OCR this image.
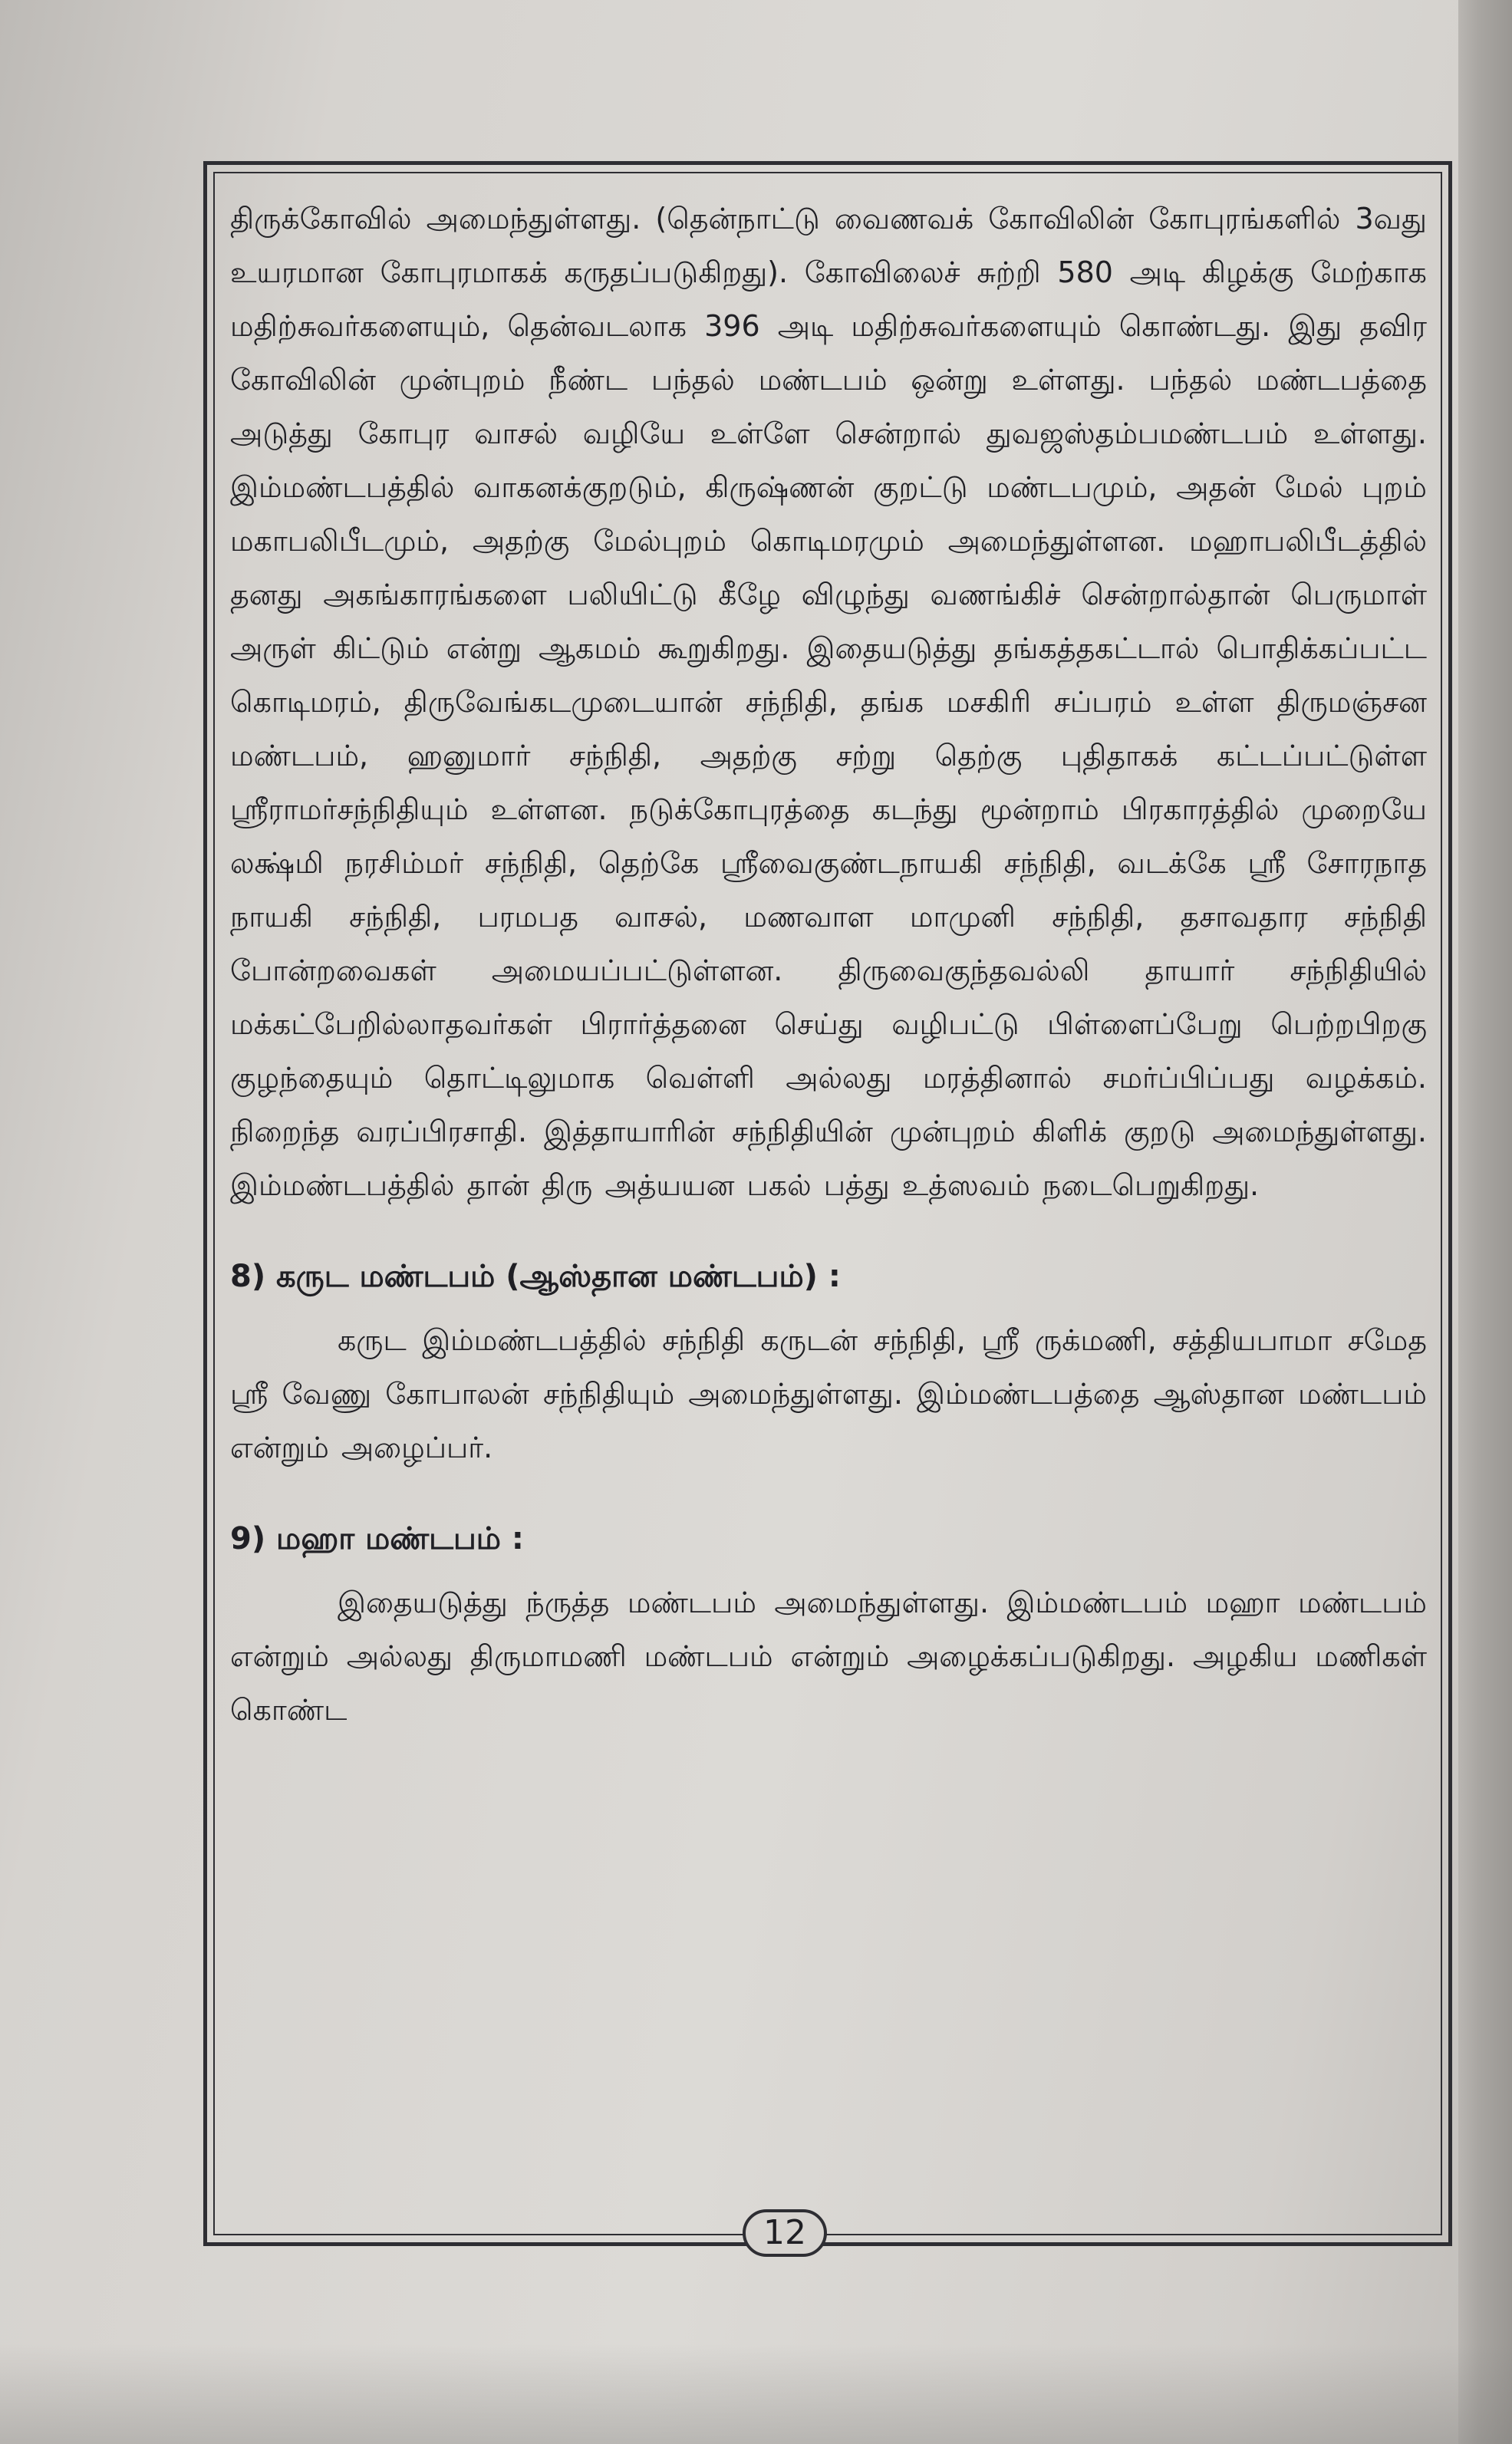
திருக்கோவில் அமைந்துள்ளது. (தென்நாட்டு வைணவக் கோவிலின் கோபுரங்களில் 3வது உயரமான கோபுரமாகக் கருதப்படுகிறது). கோவிலைச் சுற்றி 580 அடி கிழக்கு மேற்காக மதிற்சுவர்களையும், தென்வடலாக 396 அடி மதிற்சுவர்களையும் கொண்டது. இது தவிர கோவிலின் முன்புறம் நீண்ட பந்தல் மண்டபம் ஒன்று உள்ளது. பந்தல் மண்டபத்தை அடுத்து கோபுர வாசல் வழியே உள்ளே சென்றால் துவஜஸ்தம்பமண்டபம் உள்ளது. இம்மண்டபத்தில் வாகனக்குறடும், கிருஷ்ணன் குறட்டு மண்டபமும், அதன் மேல் புறம் மகாபலிபீடமும், அதற்கு மேல்புறம் கொடிமரமும் அமைந்துள்ளன. மஹாபலிபீடத்தில் தனது அகங்காரங்களை பலியிட்டு கீழே விழுந்து வணங்கிச் சென்றால்தான் பெருமாள் அருள் கிட்டும் என்று ஆகமம் கூறுகிறது. இதையடுத்து தங்கத்தகட்டால் பொதிக்கப்பட்ட கொடிமரம், திருவேங்கடமுடையான் சந்நிதி, தங்க மசகிரி சப்பரம் உள்ள திருமஞ்சன மண்டபம், ஹனுமார் சந்நிதி, அதற்கு சற்று தெற்கு புதிதாகக் கட்டப்பட்டுள்ள ஸ்ரீராமர்சந்நிதியும் உள்ளன. நடுக்கோபுரத்தை கடந்து மூன்றாம் பிரகாரத்தில் முறையே லக்ஷ்மி நரசிம்மர் சந்நிதி, தெற்கே ஸ்ரீவைகுண்டநாயகி சந்நிதி, வடக்கே ஸ்ரீ சோரநாத நாயகி சந்நிதி, பரமபத வாசல், மணவாள மாமுனி சந்நிதி, தசாவதார சந்நிதி போன்றவைகள் அமையப்பட்டுள்ளன. திருவைகுந்தவல்லி தாயார் சந்நிதியில் மக்கட்பேறில்லாதவர்கள் பிரார்த்தனை செய்து வழிபட்டு பிள்ளைப்பேறு பெற்றபிறகு குழந்தையும் தொட்டிலுமாக வெள்ளி அல்லது மரத்தினால் சமர்ப்பிப்பது வழக்கம். நிறைந்த வரப்பிரசாதி. இத்தாயாரின் சந்நிதியின் முன்புறம் கிளிக் குறடு அமைந்துள்ளது. இம்மண்டபத்தில் தான் திரு அத்யயன பகல் பத்து உத்ஸவம் நடைபெறுகிறது.

8) கருட மண்டபம் (ஆஸ்தான மண்டபம்) :

கருட இம்மண்டபத்தில் சந்நிதி கருடன் சந்நிதி, ஸ்ரீ ருக்மணி, சத்தியபாமா சமேத ஸ்ரீ வேணு கோபாலன் சந்நிதியும் அமைந்துள்ளது. இம்மண்டபத்தை ஆஸ்தான மண்டபம் என்றும் அழைப்பர்.

9) மஹா மண்டபம் :

இதையடுத்து ந்ருத்த மண்டபம் அமைந்துள்ளது. இம்மண்டபம் மஹா மண்டபம் என்றும் அல்லது திருமாமணி மண்டபம் என்றும் அழைக்கப்படுகிறது. அழகிய மணிகள் கொண்ட

12
